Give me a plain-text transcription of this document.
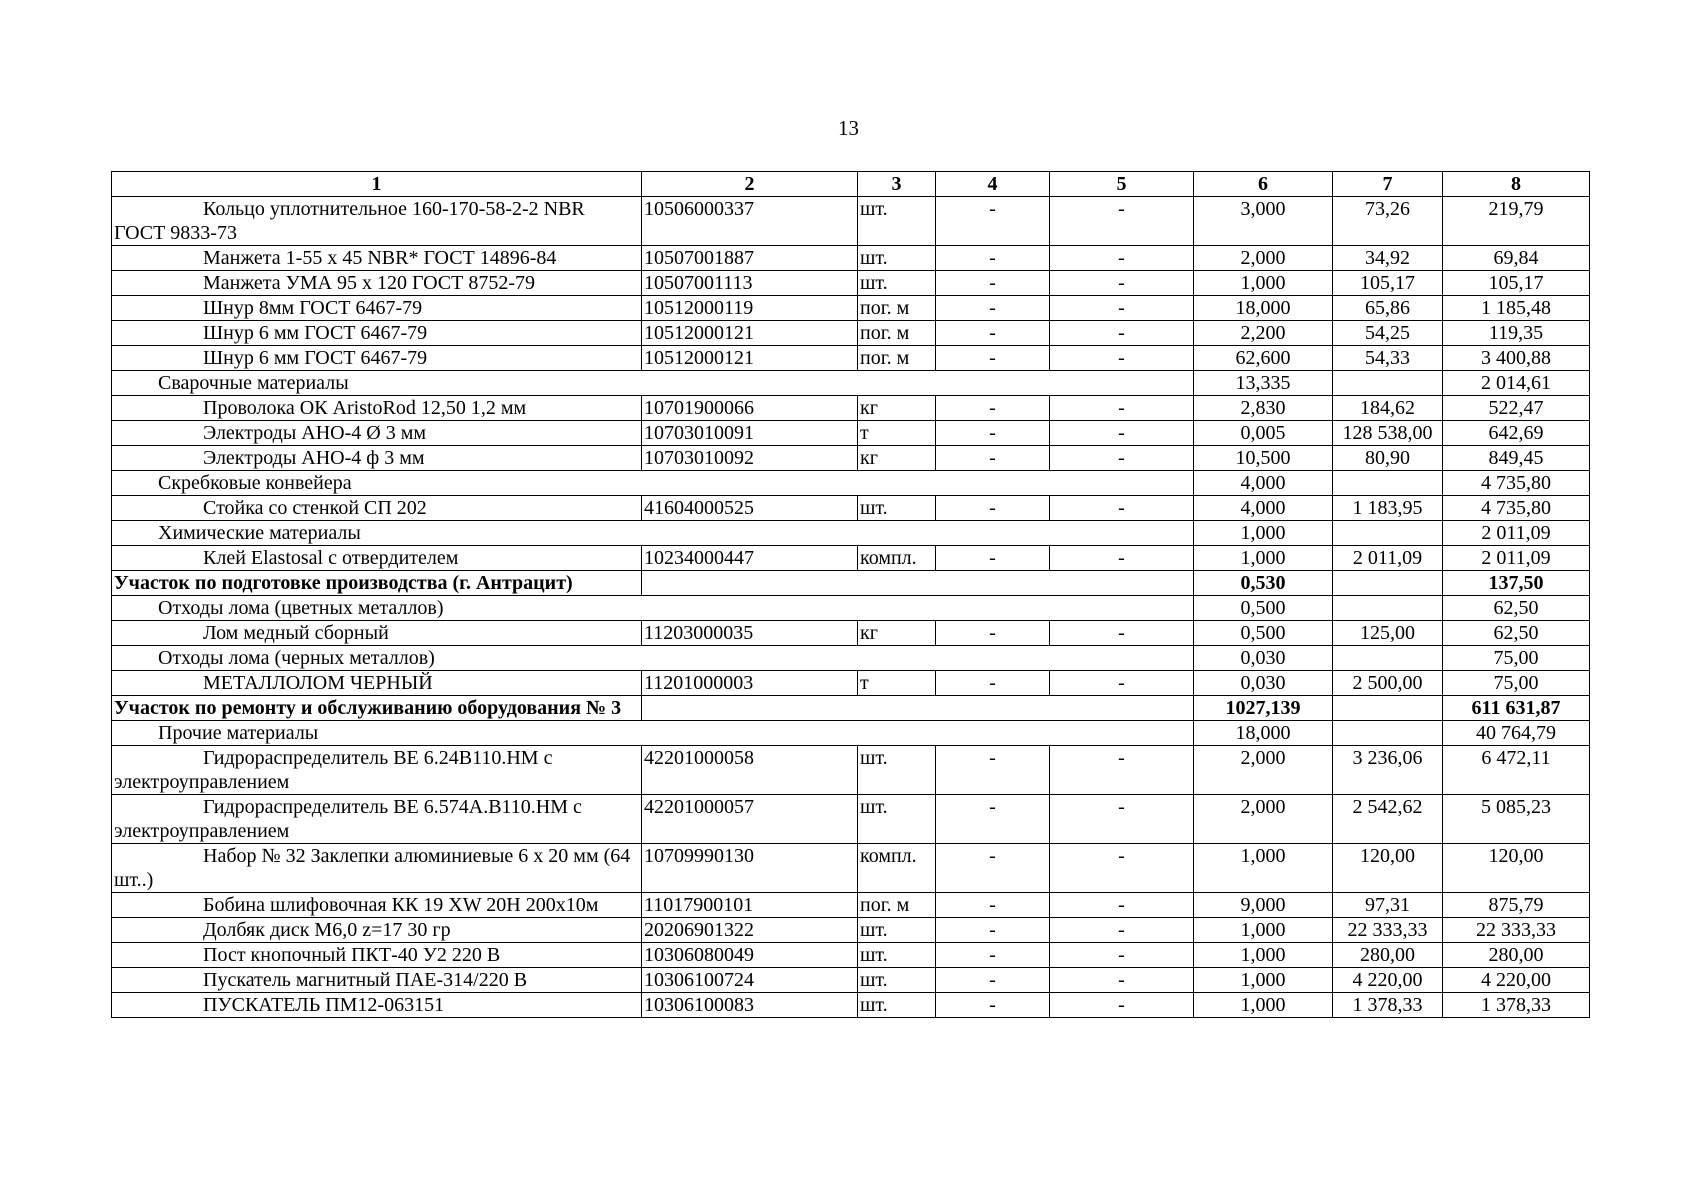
13
1	2	3	4	5	6	7	8
Кольцо уплотнительное 160-170-58-2-2 NBR ГОСТ 9833-73	10506000337	шт.	-	-	3,000	73,26	219,79
Манжета 1-55 х 45 NBR* ГОСТ 14896-84	10507001887	шт.	-	-	2,000	34,92	69,84
Манжета УМА 95 х 120 ГОСТ 8752-79	10507001113	шт.	-	-	1,000	105,17	105,17
Шнур 8мм ГОСТ 6467-79	10512000119	пог. м	-	-	18,000	65,86	1 185,48
Шнур 6 мм ГОСТ 6467-79	10512000121	пог. м	-	-	2,200	54,25	119,35
Шнур 6 мм ГОСТ 6467-79	10512000121	пог. м	-	-	62,600	54,33	3 400,88
Сварочные материалы					13,335		2 014,61
Проволока ОК AristoRod 12,50 1,2 мм	10701900066	кг	-	-	2,830	184,62	522,47
Электроды АНО-4 Ø 3 мм	10703010091	т	-	-	0,005	128 538,00	642,69
Электроды АНО-4 ф 3 мм	10703010092	кг	-	-	10,500	80,90	849,45
Скребковые конвейера					4,000		4 735,80
Стойка со стенкой СП 202	41604000525	шт.	-	-	4,000	1 183,95	4 735,80
Химические материалы					1,000		2 011,09
Клей Elastosal с отвердителем	10234000447	компл.	-	-	1,000	2 011,09	2 011,09
Участок по подготовке производства (г. Антрацит)					0,530		137,50
Отходы лома (цветных металлов)					0,500		62,50
Лом медный сборный	11203000035	кг	-	-	0,500	125,00	62,50
Отходы лома (черных металлов)					0,030		75,00
МЕТАЛЛОЛОМ ЧЕРНЫЙ	11201000003	т	-	-	0,030	2 500,00	75,00
Участок по ремонту и обслуживанию оборудования № 3					1027,139		611 631,87
Прочие материалы					18,000		40 764,79
Гидрораспределитель ВЕ 6.24В110.НМ с электроуправлением	42201000058	шт.	-	-	2,000	3 236,06	6 472,11
Гидрораспределитель ВЕ 6.574А.В110.НМ с электроуправлением	42201000057	шт.	-	-	2,000	2 542,62	5 085,23
Набор № 32 Заклепки алюминиевые 6 х 20 мм (64 шт..)	10709990130	компл.	-	-	1,000	120,00	120,00
Бобина шлифовочная КК 19 XW 20H 200x10м	11017900101	пог. м	-	-	9,000	97,31	875,79
Долбяк диск М6,0 z=17 30 гр	20206901322	шт.	-	-	1,000	22 333,33	22 333,33
Пост кнопочный ПКТ-40 У2 220 В	10306080049	шт.	-	-	1,000	280,00	280,00
Пускатель магнитный ПАЕ-314/220 В	10306100724	шт.	-	-	1,000	4 220,00	4 220,00
ПУСКАТЕЛЬ ПМ12-063151	10306100083	шт.	-	-	1,000	1 378,33	1 378,33
